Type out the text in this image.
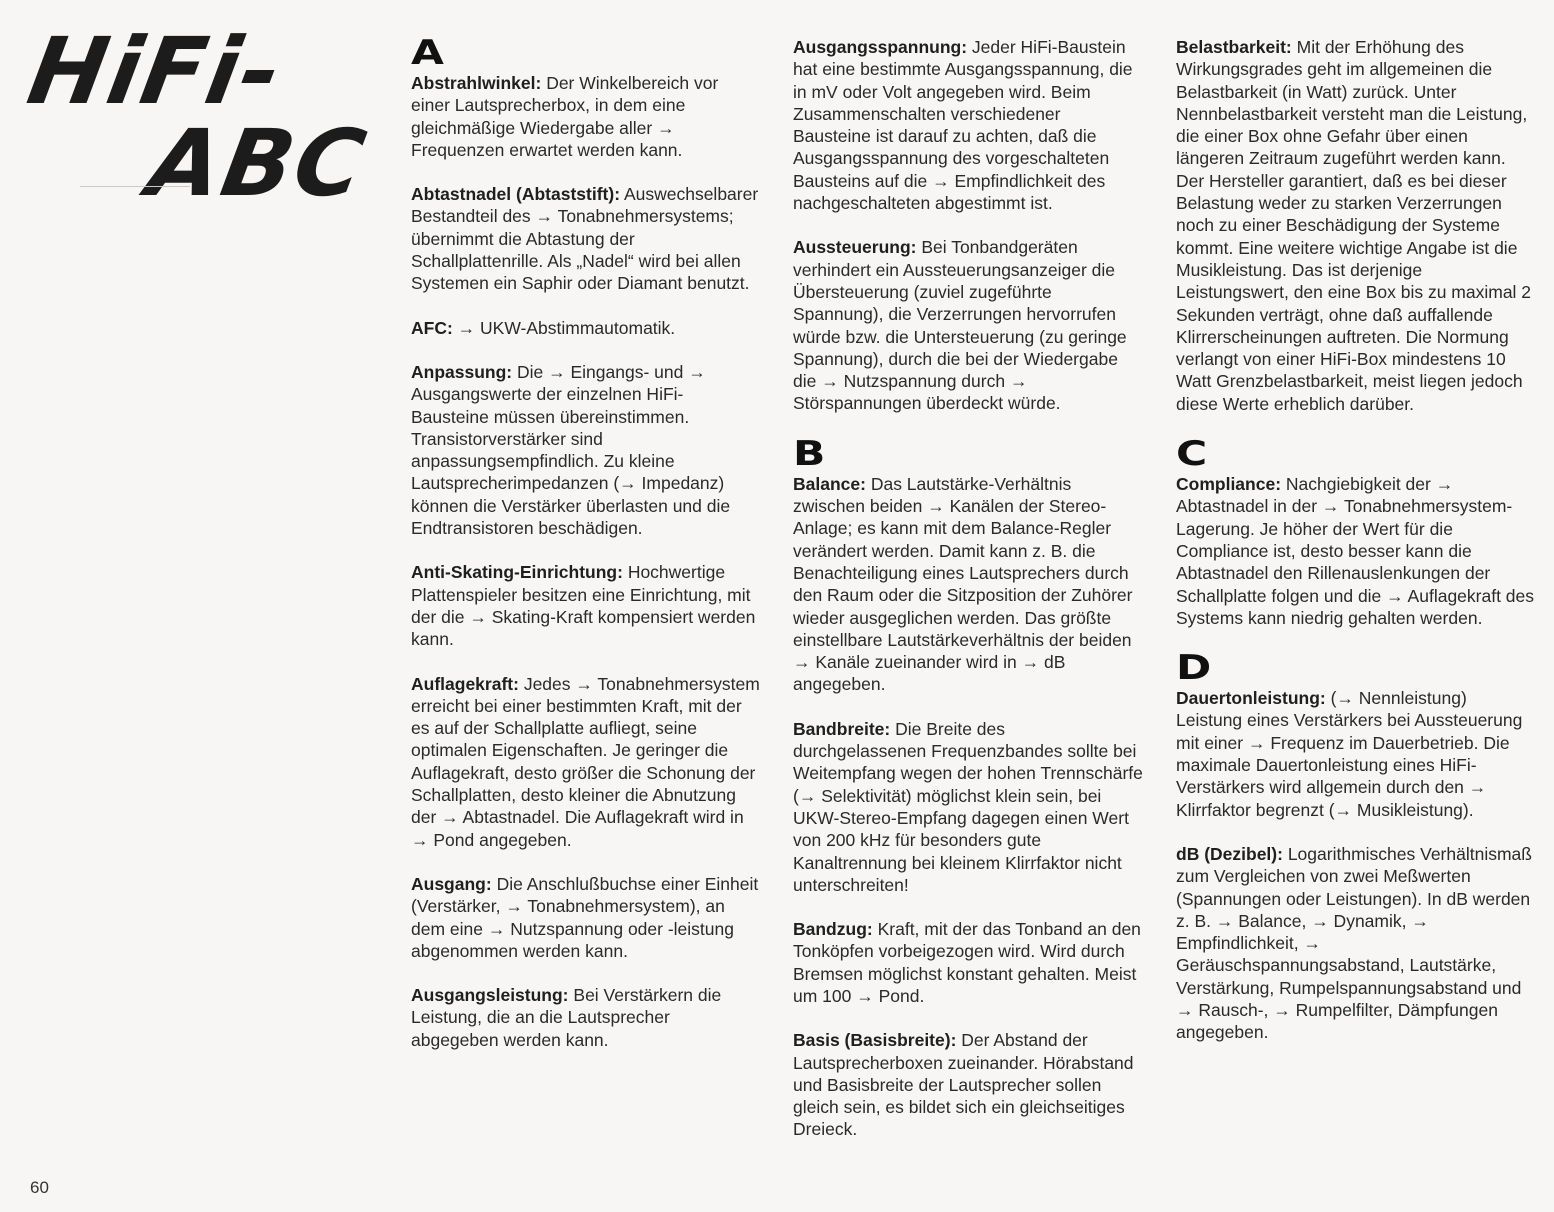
HiFi-
ABC
A

Abstrahlwinkel: Der Winkelbereich vor einer Lautsprecherbox, in dem eine gleichmäßige Wiedergabe aller → Frequenzen erwartet werden kann.
Abtastnadel (Abtaststift): Auswechselbarer Bestandteil des → Tonabnehmersystems; übernimmt die Abtastung der Schallplattenrille. Als „Nadel“ wird bei allen Systemen ein Saphir oder Diamant benutzt.
AFC: → UKW-Abstimmautomatik.
Anpassung: Die → Eingangs- und → Ausgangswerte der einzelnen HiFi-Bausteine müssen übereinstimmen. Transistorverstärker sind anpassungsempfindlich. Zu kleine Lautsprecherimpedanzen (→ Impedanz) können die Verstärker überlasten und die Endtransistoren beschädigen.
Anti-Skating-Einrichtung: Hochwertige Plattenspieler besitzen eine Einrichtung, mit der die → Skating-Kraft kompensiert werden kann.
Auflagekraft: Jedes → Tonabnehmersystem erreicht bei einer bestimmten Kraft, mit der es auf der Schallplatte aufliegt, seine optimalen Eigenschaften. Je geringer die Auflagekraft, desto größer die Schonung der Schallplatten, desto kleiner die Abnutzung der → Abtastnadel. Die Auflagekraft wird in → Pond angegeben.
Ausgang: Die Anschlußbuchse einer Einheit (Verstärker, → Tonabnehmersystem), an dem eine → Nutzspannung oder -leistung abgenommen werden kann.
Ausgangsleistung: Bei Verstärkern die Leistung, die an die Lautsprecher abgegeben werden kann.
Ausgangsspannung: Jeder HiFi-Baustein hat eine bestimmte Ausgangsspannung, die in mV oder Volt angegeben wird. Beim Zusammenschalten verschiedener Bausteine ist darauf zu achten, daß die Ausgangsspannung des vorgeschalteten Bausteins auf die → Empfindlichkeit des nachgeschalteten abgestimmt ist.
Aussteuerung: Bei Tonbandgeräten verhindert ein Aussteuerungsanzeiger die Übersteuerung (zuviel zugeführte Spannung), die Verzerrungen hervorrufen würde bzw. die Untersteuerung (zu geringe Spannung), durch die bei der Wiedergabe die → Nutzspannung durch → Störspannungen überdeckt würde.
B

Balance: Das Lautstärke-Verhältnis zwischen beiden → Kanälen der Stereo-Anlage; es kann mit dem Balance-Regler verändert werden. Damit kann z. B. die Benachteiligung eines Lautsprechers durch den Raum oder die Sitzposition der Zuhörer wieder ausgeglichen werden. Das größte einstellbare Lautstärkeverhältnis der beiden → Kanäle zueinander wird in → dB angegeben.
Bandbreite: Die Breite des durchgelassenen Frequenzbandes sollte bei Weitempfang wegen der hohen Trennschärfe (→ Selektivität) möglichst klein sein, bei UKW-Stereo-Empfang dagegen einen Wert von 200 kHz für besonders gute Kanaltrennung bei kleinem Klirrfaktor nicht unterschreiten!
Bandzug: Kraft, mit der das Tonband an den Tonköpfen vorbeigezogen wird. Wird durch Bremsen möglichst konstant gehalten. Meist um 100 → Pond.
Basis (Basisbreite): Der Abstand der Lautsprecherboxen zueinander. Hörabstand und Basisbreite der Lautsprecher sollen gleich sein, es bildet sich ein gleichseitiges Dreieck.
Belastbarkeit: Mit der Erhöhung des Wirkungsgrades geht im allgemeinen die Belastbarkeit (in Watt) zurück. Unter Nennbelastbarkeit versteht man die Leistung, die einer Box ohne Gefahr über einen längeren Zeitraum zugeführt werden kann. Der Hersteller garantiert, daß es bei dieser Belastung weder zu starken Verzerrungen noch zu einer Beschädigung der Systeme kommt. Eine weitere wichtige Angabe ist die Musikleistung. Das ist derjenige Leistungswert, den eine Box bis zu maximal 2 Sekunden verträgt, ohne daß auffallende Klirrerscheinungen auftreten. Die Normung verlangt von einer HiFi-Box mindestens 10 Watt Grenzbelastbarkeit, meist liegen jedoch diese Werte erheblich darüber.
C

Compliance: Nachgiebigkeit der → Abtastnadel in der → Tonabnehmersystem-Lagerung. Je höher der Wert für die Compliance ist, desto besser kann die Abtastnadel den Rillenauslenkungen der Schallplatte folgen und die → Auflagekraft des Systems kann niedrig gehalten werden.
D

Dauertonleistung: (→ Nennleistung) Leistung eines Verstärkers bei Aussteuerung mit einer → Frequenz im Dauerbetrieb. Die maximale Dauertonleistung eines HiFi-Verstärkers wird allgemein durch den → Klirrfaktor begrenzt (→ Musikleistung).
dB (Dezibel): Logarithmisches Verhältnismaß zum Vergleichen von zwei Meßwerten (Spannungen oder Leistungen). In dB werden z. B. → Balance, → Dynamik, → Empfindlichkeit, → Geräuschspannungsabstand, Lautstärke, Verstärkung, Rumpelspannungsabstand und → Rausch-, → Rumpelfilter, Dämpfungen angegeben.
60
